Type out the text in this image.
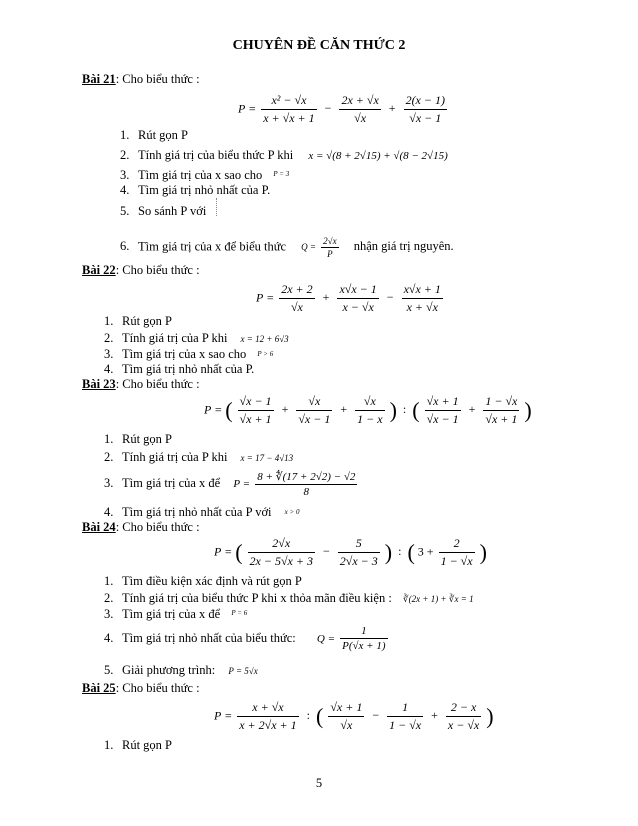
CHUYÊN ĐỀ CĂN THỨC 2
Bài 21: Cho biểu thức :
$P = \frac{\text{x² − √x}}{x + √x + 1} - \frac{2x + √x}{√x} + \frac{2(x - 1)}{√x - 1}$
1. Rút gọn P
2. Tính giá trị của biểu thức P khi x = √(8 + 2√15) + √(8 − 2√15)
3. Tìm giá trị của x sao cho $^{P = 3}$
4. Tìm giá trị nhỏ nhất của P.
5. So sánh P với
6. Tìm giá trị của x để biểu thức $Q = \frac{2√x}{P}$ nhận giá trị nguyên.
Bài 22: Cho biểu thức :
$P = \frac{2x + 2}{√x} + \frac{x√x - 1}{x - √x} - \frac{x√x + 1}{x + √x}$
1. Rút gọn P
2. Tính giá trị của P khi x = 12 + 6√3
3. Tìm giá trị của x sao cho P > 6
4. Tìm giá trị nhỏ nhất của P.
Bài 23: Cho biểu thức :
P = ( $\frac{√x - 1}{√x + 1} + \frac{√x}{√x - 1} + \frac{√x}{1 - x}$ ) : ( $\frac{√x + 1}{√x - 1} + \frac{1 - √x}{√x + 1}$ )
1. Rút gọn P
2. Tính giá trị của P khi x = 17 − 4√13
3. Tìm giá trị của x để $P = \frac{8 + ∜(17 + 2√2) - √2}{8}$
4. Tìm giá trị nhỏ nhất của P với x > 0
Bài 24: Cho biểu thức :
P = ( $\frac{2√x}{2x - 5√x + 3} - \frac{5}{2√x - 3}$ ) : ( $3 + \frac{2}{1 - √x}$ )
1. Tìm điều kiện xác định và rút gọn P
2. Tính giá trị của biểu thức P khi x thỏa mãn điều kiện : ∛(2x + 1) + ∛x = 1
3. Tìm giá trị của x để $^{P = 6}$
4. Tìm giá trị nhỏ nhất của biểu thức: $Q = \frac{1}{P(√x + 1)}$
5. Giải phương trình: P = 5√x
Bài 25: Cho biểu thức :
$P = \frac{x + √x}{x + 2√x + 1}$ : ( $\frac{√x + 1}{√x} - \frac{1}{1 - √x} + \frac{2 - x}{x - √x}$ )
1. Rút gọn P
5
